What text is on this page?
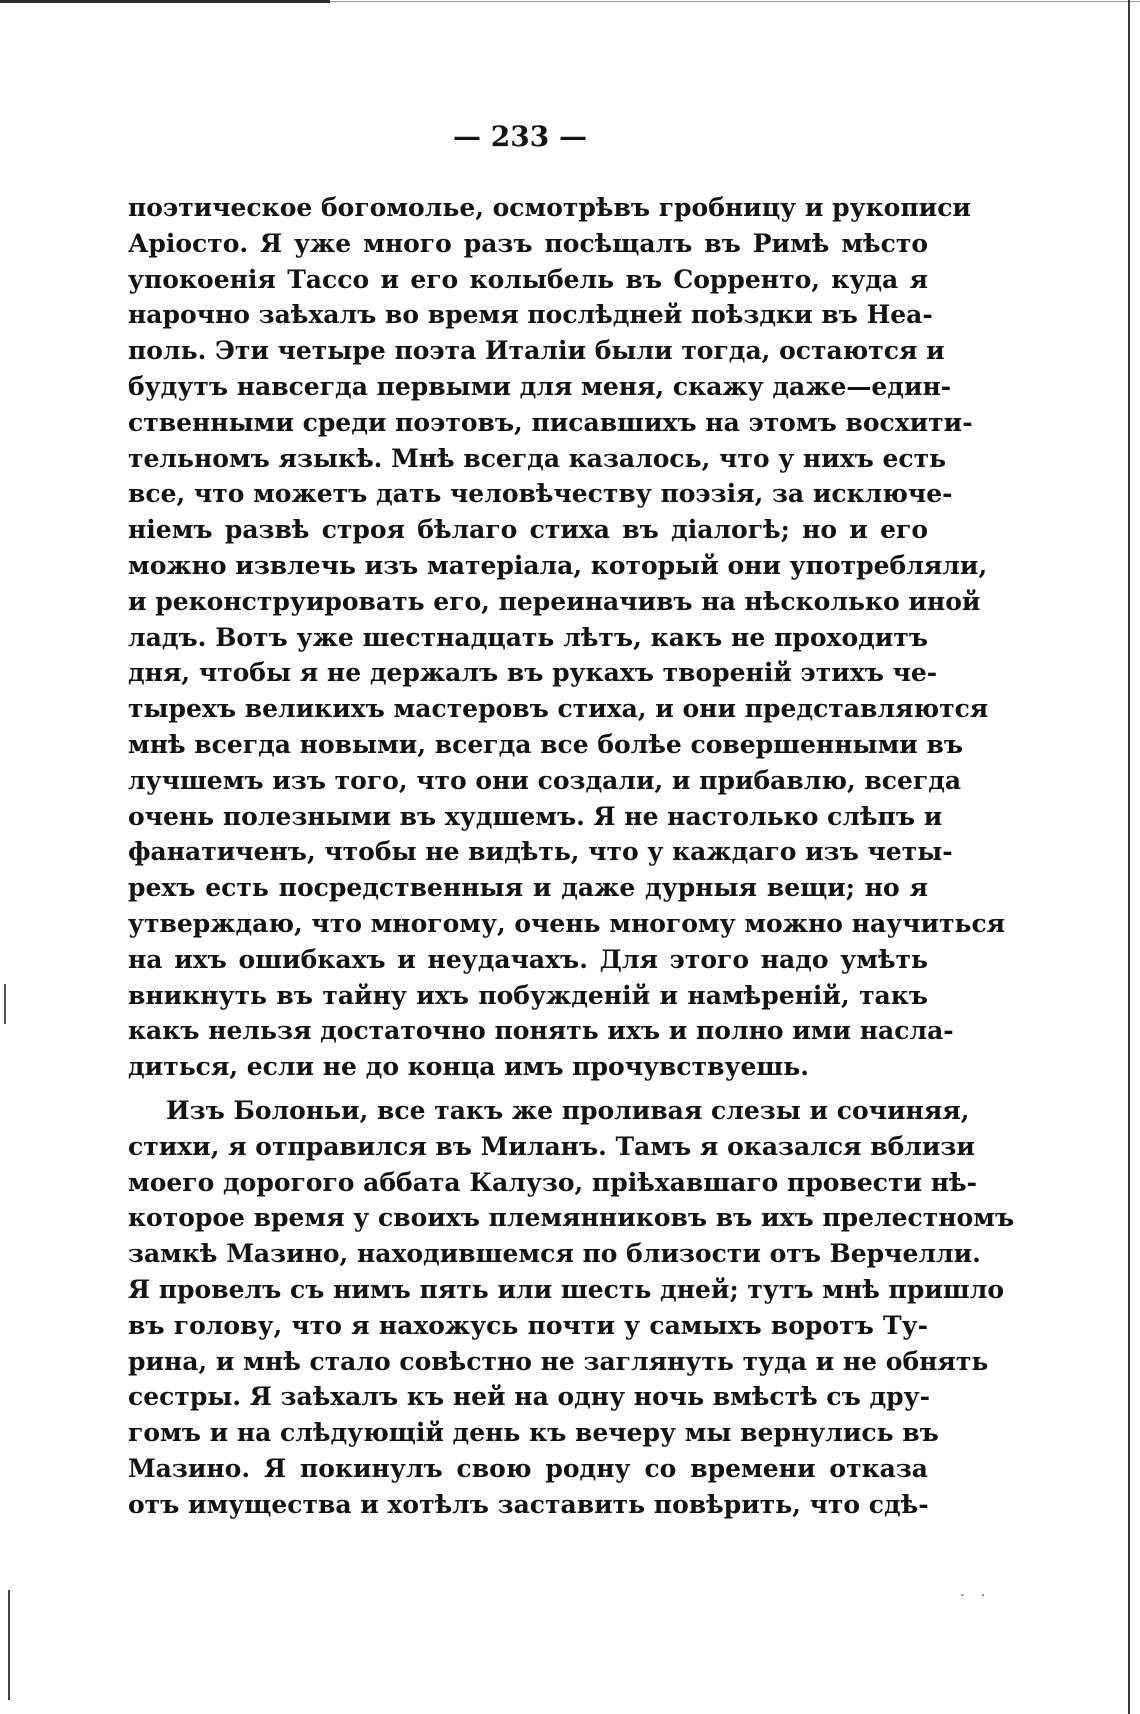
· ·
— 233 —
поэтическое богомолье, осмотрѣвъ гробницу и рукописи
Аріосто. Я уже много разъ посѣщалъ въ Римѣ мѣсто
упокоенія Тассо и его колыбель въ Сорренто, куда я
нарочно заѣхалъ во время послѣдней поѣздки въ Неа-
поль. Эти четыре поэта Италіи были тогда, остаются и
будутъ навсегда первыми для меня, скажу даже—един-
ственными среди поэтовъ, писавшихъ на этомъ восхити-
тельномъ языкѣ. Мнѣ всегда казалось, что у нихъ есть
все, что можетъ дать человѣчеству поэзія, за исключе-
ніемъ развѣ строя бѣлаго стиха въ діалогѣ; но и его
можно извлечь изъ матеріала, который они употребляли,
и реконструировать его, переиначивъ на нѣсколько иной
ладъ. Вотъ уже шестнадцать лѣтъ, какъ не проходитъ
дня, чтобы я не держалъ въ рукахъ твореній этихъ че-
тырехъ великихъ мастеровъ стиха, и они представляются
мнѣ всегда новыми, всегда все болѣе совершенными въ
лучшемъ изъ того, что они создали, и прибавлю, всегда
очень полезными въ худшемъ. Я не настолько слѣпъ и
фанатиченъ, чтобы не видѣть, что у каждаго изъ четы-
рехъ есть посредственныя и даже дурныя вещи; но я
утверждаю, что многому, очень многому можно научиться
на ихъ ошибкахъ и неудачахъ. Для этого надо умѣть
вникнуть въ тайну ихъ побужденій и намѣреній, такъ
какъ нельзя достаточно понять ихъ и полно ими насла-
диться, если не до конца имъ прочувствуешь.
Изъ Болоньи, все такъ же проливая слезы и сочиняя,
стихи, я отправился въ Миланъ. Тамъ я оказался вблизи
моего дорогого аббата Калузо, пріѣхавшаго провести нѣ-
которое время у своихъ племянниковъ въ ихъ прелестномъ
замкѣ Мазино, находившемся по близости отъ Верчелли.
Я провелъ съ нимъ пять или шесть дней; тутъ мнѣ пришло
въ голову, что я нахожусь почти у самыхъ воротъ Ту-
рина, и мнѣ стало совѣстно не заглянуть туда и не обнять
сестры. Я заѣхалъ къ ней на одну ночь вмѣстѣ съ дру-
гомъ и на слѣдующій день къ вечеру мы вернулись въ
Мазино. Я покинулъ свою родну со времени отказа
отъ имущества и хотѣлъ заставить повѣрить, что сдѣ-
